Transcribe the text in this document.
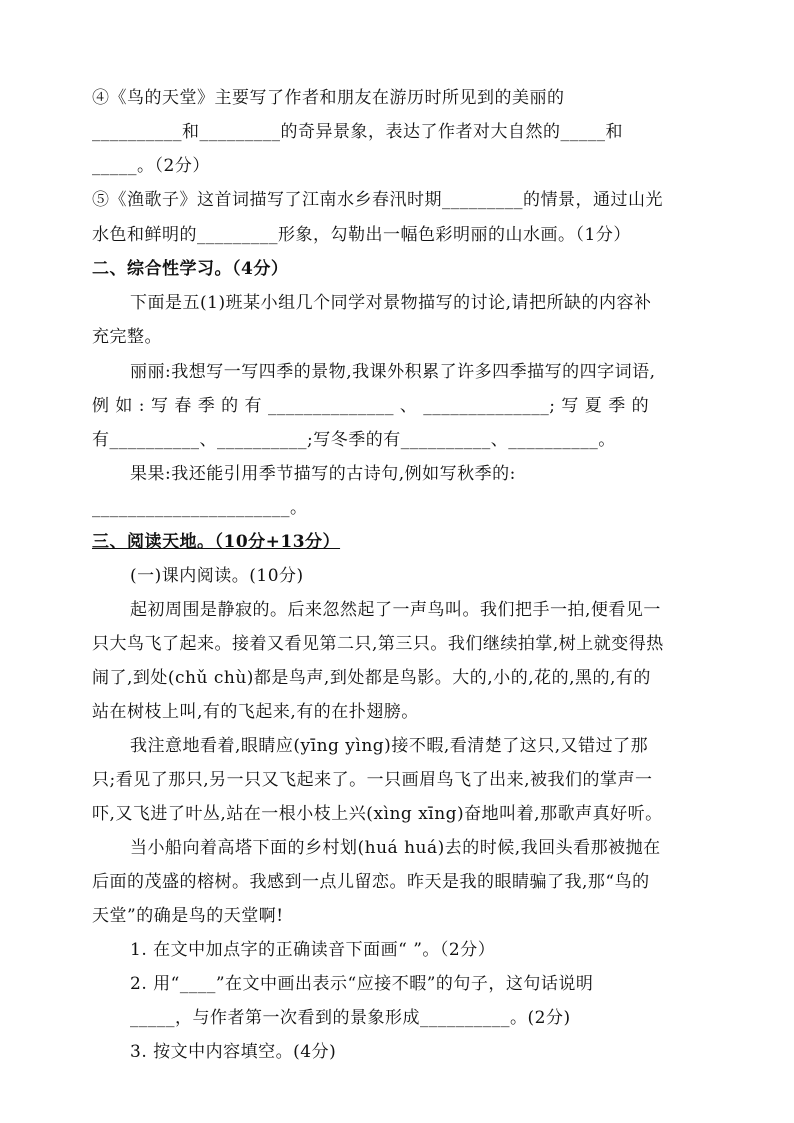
④《鸟的天堂》主要写了作者和朋友在游历时所见到的美丽的
__________和_________的奇异景象，表达了作者对大自然的_____和
_____。（2分）
⑤《渔歌子》这首词描写了江南水乡春汛时期_________的情景，通过山光
水色和鲜明的_________形象，勾勒出一幅色彩明丽的山水画。（1分）
二、综合性学习。（4分）
下面是五(1)班某小组几个同学对景物描写的讨论,请把所缺的内容补
充完整。
丽丽:我想写一写四季的景物,我课外积累了许多四季描写的四字词语,
例 如 : 写 春 季 的 有 ______________ 、 ______________; 写 夏 季 的
有__________、__________;写冬季的有__________、__________。
果果:我还能引用季节描写的古诗句,例如写秋季的:
______________________。
三、阅读天地。（10分+13分）
(一)课内阅读。(10分)
起初周围是静寂的。后来忽然起了一声鸟叫。我们把手一拍,便看见一
只大鸟飞了起来。接着又看见第二只,第三只。我们继续拍掌,树上就变得热
闹了,到处(chǔ chù)都是鸟声,到处都是鸟影。大的,小的,花的,黑的,有的
站在树枝上叫,有的飞起来,有的在扑翅膀。
我注意地看着,眼睛应(yīng yìng)接不暇,看清楚了这只,又错过了那
只;看见了那只,另一只又飞起来了。一只画眉鸟飞了出来,被我们的掌声一
吓,又飞进了叶丛,站在一根小枝上兴(xìng xīng)奋地叫着,那歌声真好听。
当小船向着高塔下面的乡村划(huá huá)去的时候,我回头看那被抛在
后面的茂盛的榕树。我感到一点儿留恋。昨天是我的眼睛骗了我,那“鸟的
天堂”的确是鸟的天堂啊!
1. 在文中加点字的正确读音下面画“ ”。（2分）
2. 用“____”在文中画出表示“应接不暇”的句子，这句话说明
_____，与作者第一次看到的景象形成__________。(2分)
3. 按文中内容填空。(4分)
